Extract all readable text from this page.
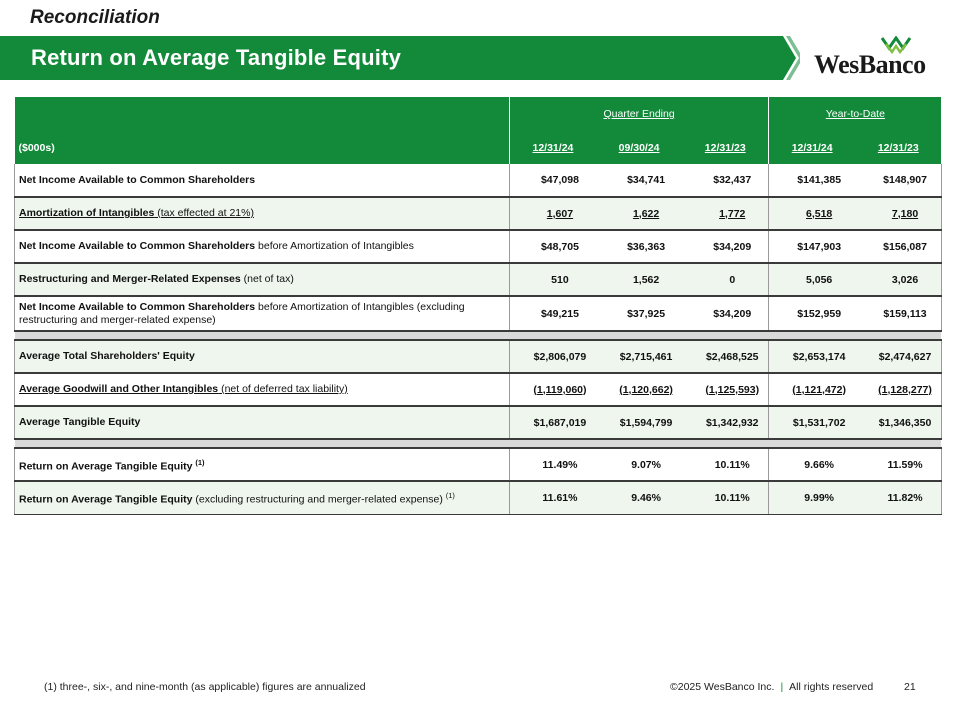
Reconciliation
Return on Average Tangible Equity	WesBanco
	Quarter Ending			Year-to-Date	
($000s)	12/31/24	09/30/24	12/31/23	12/31/24	12/31/23
Net Income Available to Common Shareholders	$47,098	$34,741	$32,437	$141,385	$148,907
Amortization of Intangibles (tax effected at 21%)	1,607	1,622	1,772	6,518	7,180
Net Income Available to Common Shareholders before Amortization of Intangibles	$48,705	$36,363	$34,209	$147,903	$156,087
Restructuring and Merger-Related Expenses (net of tax)	510	1,562	0	5,056	3,026
Net Income Available to Common Shareholders before Amortization of Intangibles (excluding restructuring and merger-related expense)	$49,215	$37,925	$34,209	$152,959	$159,113

Average Total Shareholders' Equity	$2,806,079	$2,715,461	$2,468,525	$2,653,174	$2,474,627
Average Goodwill and Other Intangibles (net of deferred tax liability)	(1,119,060)	(1,120,662)	(1,125,593)	(1,121,472)	(1,128,277)
Average Tangible Equity	$1,687,019	$1,594,799	$1,342,932	$1,531,702	$1,346,350

Return on Average Tangible Equity $^{(1)}$	11.49%	9.07%	10.11%	9.66%	11.59%
Return on Average Tangible Equity (excluding restructuring and merger-related expense) $^{(1)}$	11.61%	9.46%	10.11%	9.99%	11.82%
(1) three-, six-, and nine-month (as applicable) figures are annualized	©2025 WesBanco Inc. | All rights reserved	21
